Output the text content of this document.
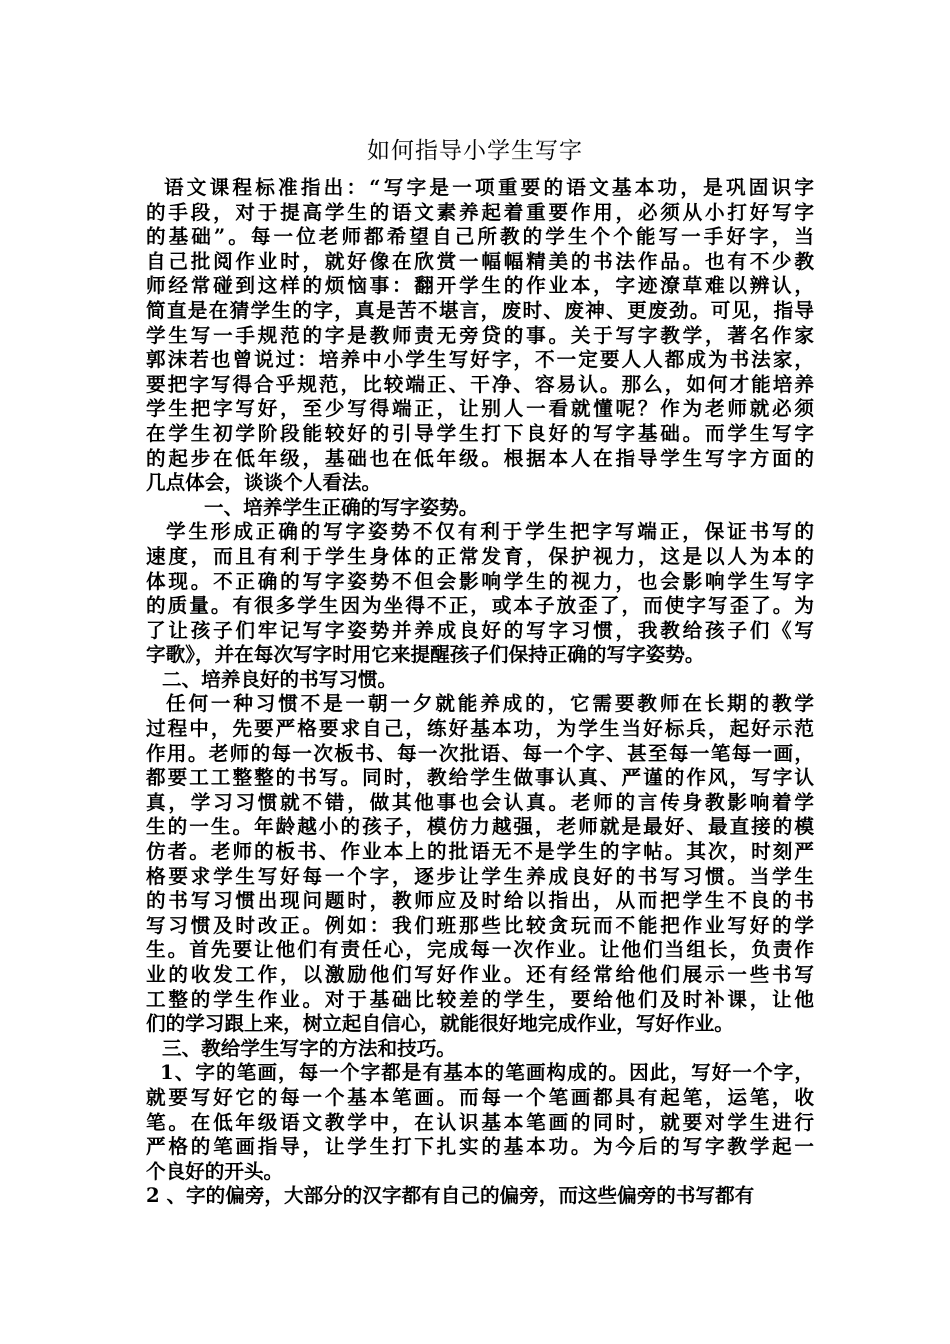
如何指导小学生写字
语文课程标准指出：“写字是一项重要的语文基本功，是巩固识字
的手段，对于提高学生的语文素养起着重要作用，必须从小打好写字
的基础”。每一位老师都希望自己所教的学生个个能写一手好字，当
自己批阅作业时，就好像在欣赏一幅幅精美的书法作品。也有不少教
师经常碰到这样的烦恼事：翻开学生的作业本，字迹潦草难以辨认，
简直是在猜学生的字，真是苦不堪言，废时、废神、更废劲。可见，指导
学生写一手规范的字是教师责无旁贷的事。关于写字教学，著名作家
郭沫若也曾说过：培养中小学生写好字，不一定要人人都成为书法家，
要把字写得合乎规范，比较端正、干净、容易认。那么，如何才能培养
学生把字写好，至少写得端正，让别人一看就懂呢？作为老师就必须
在学生初学阶段能较好的引导学生打下良好的写字基础。而学生写字
的起步在低年级，基础也在低年级。根据本人在指导学生写字方面的
几点体会，谈谈个人看法。
一、培养学生正确的写字姿势。
学生形成正确的写字姿势不仅有利于学生把字写端正，保证书写的
速度，而且有利于学生身体的正常发育，保护视力，这是以人为本的
体现。不正确的写字姿势不但会影响学生的视力，也会影响学生写字
的质量。有很多学生因为坐得不正，或本子放歪了，而使字写歪了。为
了让孩子们牢记写字姿势并养成良好的写字习惯，我教给孩子们《写
字歌》，并在每次写字时用它来提醒孩子们保持正确的写字姿势。
二、培养良好的书写习惯。
任何一种习惯不是一朝一夕就能养成的，它需要教师在长期的教学
过程中，先要严格要求自己，练好基本功，为学生当好标兵，起好示范
作用。老师的每一次板书、每一次批语、每一个字、甚至每一笔每一画，
都要工工整整的书写。同时，教给学生做事认真、严谨的作风，写字认
真，学习习惯就不错，做其他事也会认真。老师的言传身教影响着学
生的一生。年龄越小的孩子，模仿力越强，老师就是最好、最直接的模
仿者。老师的板书、作业本上的批语无不是学生的字帖。其次，时刻严
格要求学生写好每一个字，逐步让学生养成良好的书写习惯。当学生
的书写习惯出现问题时，教师应及时给以指出，从而把学生不良的书
写习惯及时改正。例如：我们班那些比较贪玩而不能把作业写好的学
生。首先要让他们有责任心，完成每一次作业。让他们当组长，负责作
业的收发工作，以激励他们写好作业。还有经常给他们展示一些书写
工整的学生作业。对于基础比较差的学生，要给他们及时补课，让他
们的学习跟上来，树立起自信心，就能很好地完成作业，写好作业。
三、教给学生写字的方法和技巧。
1、字的笔画，每一个字都是有基本的笔画构成的。因此，写好一个字，
就要写好它的每一个基本笔画。而每一个笔画都具有起笔，运笔，收
笔。在低年级语文教学中，在认识基本笔画的同时，就要对学生进行
严格的笔画指导，让学生打下扎实的基本功。为今后的写字教学起一
个良好的开头。
2 、字的偏旁，大部分的汉字都有自己的偏旁，而这些偏旁的书写都有
